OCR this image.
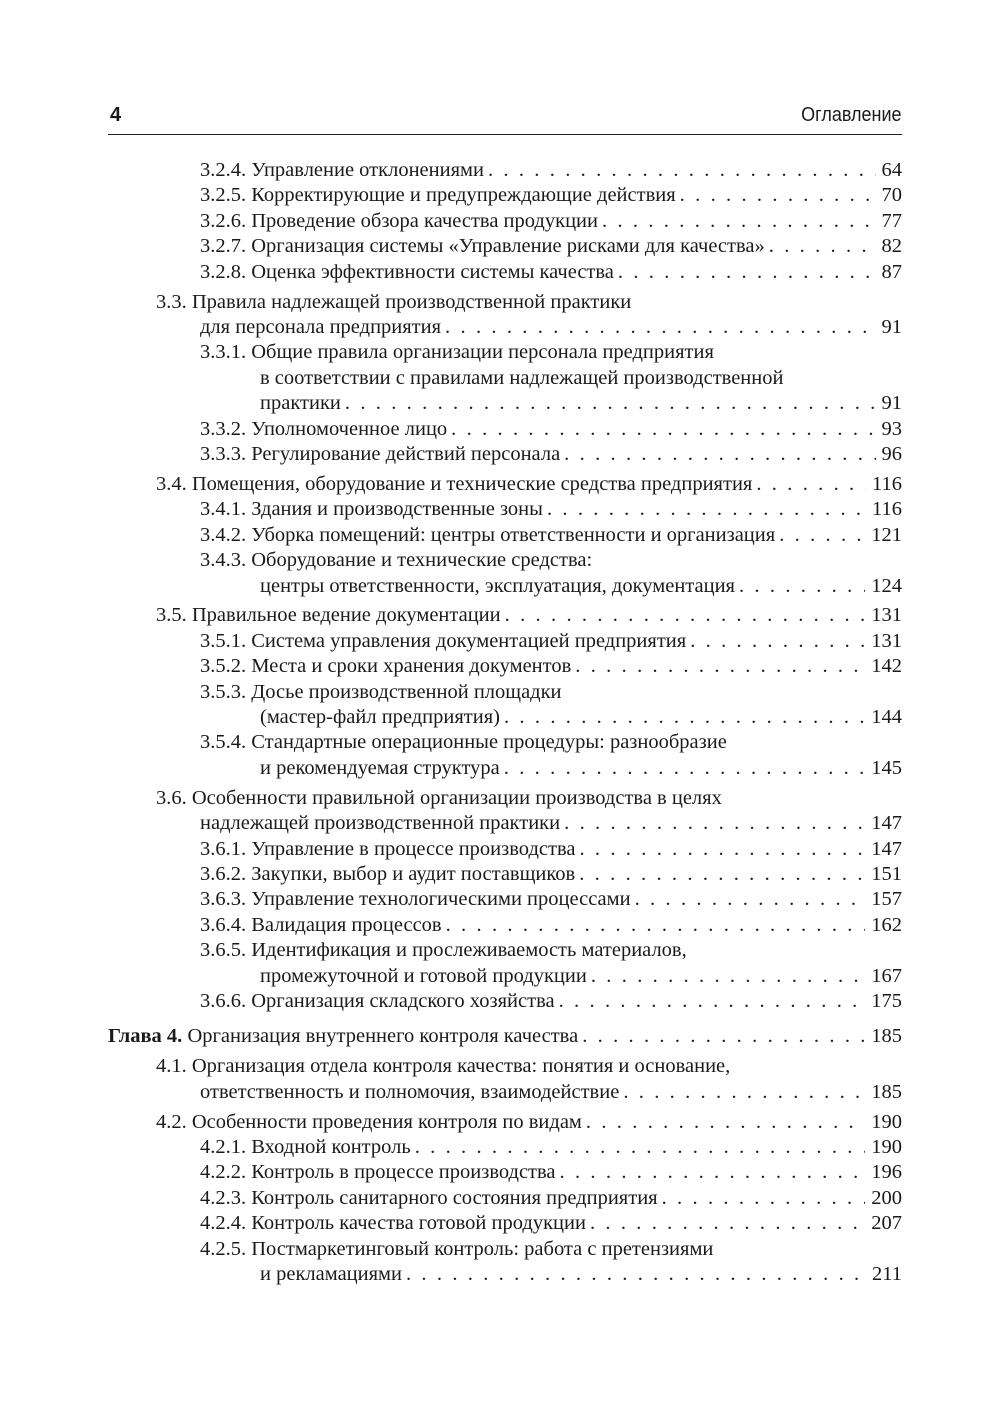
4	Оглавление
3.2.4. Управление отклонениями . . .	64
3.2.5. Корректирующие и предупреждающие действия . . .	70
3.2.6. Проведение обзора качества продукции . . .	77
3.2.7. Организация системы «Управление рисками для качества» . . .	82
3.2.8. Оценка эффективности системы качества . . .	87
3.3. Правила надлежащей производственной практики
для персонала предприятия . . .	91
3.3.1. Общие правила организации персонала предприятия
в соответствии с правилами надлежащей производственной
практики . . .	91
3.3.2. Уполномоченное лицо . . .	93
3.3.3. Регулирование действий персонала . . .	96
3.4. Помещения, оборудование и технические средства предприятия . . .	116
3.4.1. Здания и производственные зоны . . .	116
3.4.2. Уборка помещений: центры ответственности и организация . . .	121
3.4.3. Оборудование и технические средства:
центры ответственности, эксплуатация, документация . . .	124
3.5. Правильное ведение документации . . .	131
3.5.1. Система управления документацией предприятия . . .	131
3.5.2. Места и сроки хранения документов . . .	142
3.5.3. Досье производственной площадки
(мастер-файл предприятия) . . .	144
3.5.4. Стандартные операционные процедуры: разнообразие
и рекомендуемая структура . . .	145
3.6. Особенности правильной организации производства в целях
надлежащей производственной практики . . .	147
3.6.1. Управление в процессе производства . . .	147
3.6.2. Закупки, выбор и аудит поставщиков . . .	151
3.6.3. Управление технологическими процессами . . .	157
3.6.4. Валидация процессов . . .	162
3.6.5. Идентификация и прослеживаемость материалов,
промежуточной и готовой продукции . . .	167
3.6.6. Организация складского хозяйства . . .	175
Глава 4. Организация внутреннего контроля качества . . .	185
4.1. Организация отдела контроля качества: понятия и основание,
ответственность и полномочия, взаимодействие . . .	185
4.2. Особенности проведения контроля по видам . . .	190
4.2.1. Входной контроль . . .	190
4.2.2. Контроль в процессе производства . . .	196
4.2.3. Контроль санитарного состояния предприятия . . .	200
4.2.4. Контроль качества готовой продукции . . .	207
4.2.5. Постмаркетинговый контроль: работа с претензиями
и рекламациями . . .	211
